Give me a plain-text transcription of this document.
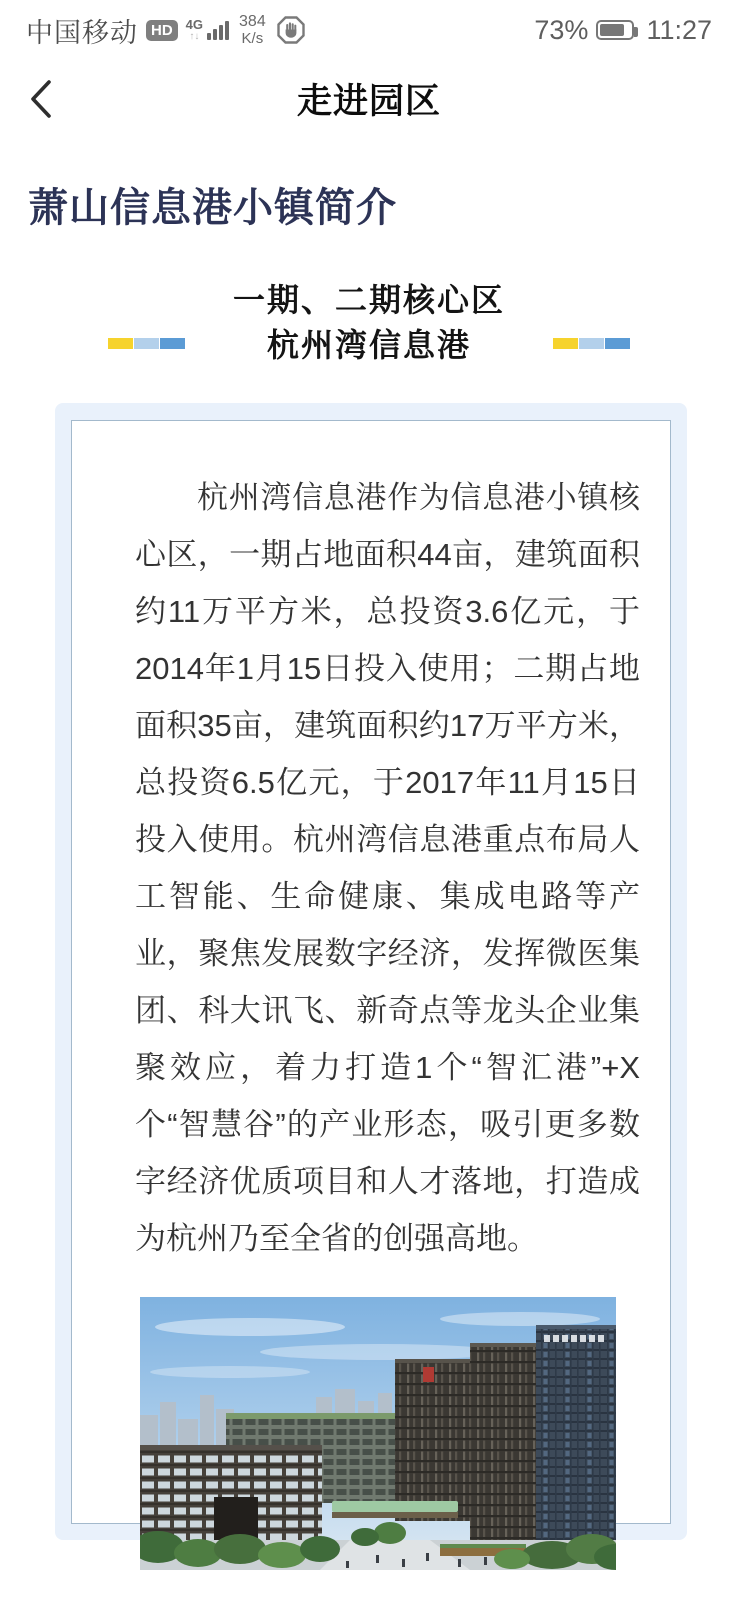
中国移动 HD	4G
↑↓
384
K/s	73% 11:27
走进园区
萧山信息港小镇简介
一期、二期核心区
杭州湾信息港

杭州湾信息港作为信息港小镇核心区，一期占地面积44亩，建筑面积约11万平方米，总投资3.6亿元，于2014年1月15日投入使用；二期占地面积35亩，建筑面积约17万平方米，总投资6.5亿元，于2017年11月15日投入使用。杭州湾信息港重点布局人工智能、生命健康、集成电路等产业，聚焦发展数字经济，发挥微医集团、科大讯飞、新奇点等龙头企业集聚效应，着力打造1个“智汇港”+X个“智慧谷”的产业形态，吸引更多数字经济优质项目和人才落地，打造成为杭州乃至全省的创强高地。
